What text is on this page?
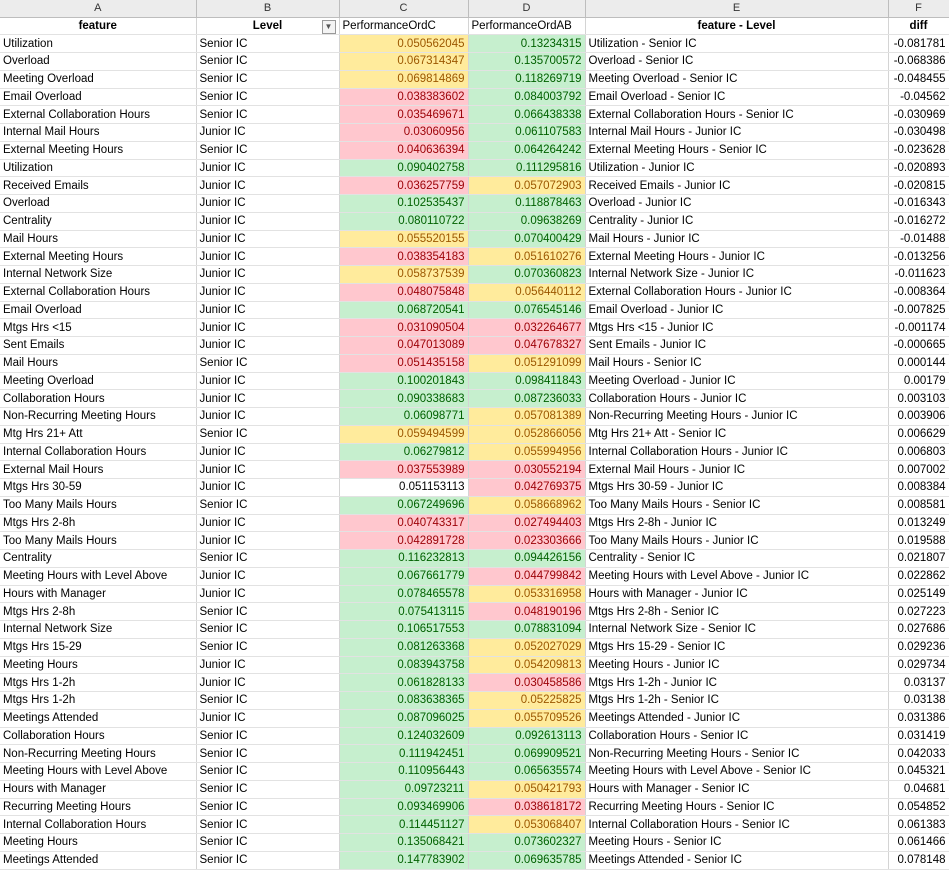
A	B	C	D	E	F
feature	Level ▼	PerformanceOrdC	PerformanceOrdAB	feature - Level	diff
Utilization	Senior IC	0.050562045	0.13234315	Utilization - Senior IC	-0.081781
Overload	Senior IC	0.067314347	0.135700572	Overload - Senior IC	-0.068386
Meeting Overload	Senior IC	0.069814869	0.118269719	Meeting Overload - Senior IC	-0.048455
Email Overload	Senior IC	0.038383602	0.084003792	Email Overload - Senior IC	-0.04562
External Collaboration Hours	Senior IC	0.035469671	0.066438338	External Collaboration Hours - Senior IC	-0.030969
Internal Mail Hours	Junior IC	0.03060956	0.061107583	Internal Mail Hours - Junior IC	-0.030498
External Meeting Hours	Senior IC	0.040636394	0.064264242	External Meeting Hours - Senior IC	-0.023628
Utilization	Junior IC	0.090402758	0.111295816	Utilization - Junior IC	-0.020893
Received Emails	Junior IC	0.036257759	0.057072903	Received Emails - Junior IC	-0.020815
Overload	Junior IC	0.102535437	0.118878463	Overload - Junior IC	-0.016343
Centrality	Junior IC	0.080110722	0.09638269	Centrality - Junior IC	-0.016272
Mail Hours	Junior IC	0.055520155	0.070400429	Mail Hours - Junior IC	-0.01488
External Meeting Hours	Junior IC	0.038354183	0.051610276	External Meeting Hours - Junior IC	-0.013256
Internal Network Size	Junior IC	0.058737539	0.070360823	Internal Network Size - Junior IC	-0.011623
External Collaboration Hours	Junior IC	0.048075848	0.056440112	External Collaboration Hours - Junior IC	-0.008364
Email Overload	Junior IC	0.068720541	0.076545146	Email Overload - Junior IC	-0.007825
Mtgs Hrs <15	Junior IC	0.031090504	0.032264677	Mtgs Hrs <15 - Junior IC	-0.001174
Sent Emails	Junior IC	0.047013089	0.047678327	Sent Emails - Junior IC	-0.000665
Mail Hours	Senior IC	0.051435158	0.051291099	Mail Hours - Senior IC	0.000144
Meeting Overload	Junior IC	0.100201843	0.098411843	Meeting Overload - Junior IC	0.00179
Collaboration Hours	Junior IC	0.090338683	0.087236033	Collaboration Hours - Junior IC	0.003103
Non-Recurring Meeting Hours	Junior IC	0.06098771	0.057081389	Non-Recurring Meeting Hours - Junior IC	0.003906
Mtg Hrs 21+ Att	Senior IC	0.059494599	0.052866056	Mtg Hrs 21+ Att - Senior IC	0.006629
Internal Collaboration Hours	Junior IC	0.06279812	0.055994956	Internal Collaboration Hours - Junior IC	0.006803
External Mail Hours	Junior IC	0.037553989	0.030552194	External Mail Hours - Junior IC	0.007002
Mtgs Hrs 30-59	Junior IC	0.051153113	0.042769375	Mtgs Hrs 30-59 - Junior IC	0.008384
Too Many Mails Hours	Senior IC	0.067249696	0.058668962	Too Many Mails Hours - Senior IC	0.008581
Mtgs Hrs 2-8h	Junior IC	0.040743317	0.027494403	Mtgs Hrs 2-8h - Junior IC	0.013249
Too Many Mails Hours	Junior IC	0.042891728	0.023303666	Too Many Mails Hours - Junior IC	0.019588
Centrality	Senior IC	0.116232813	0.094426156	Centrality - Senior IC	0.021807
Meeting Hours with Level Above	Junior IC	0.067661779	0.044799842	Meeting Hours with Level Above - Junior IC	0.022862
Hours with Manager	Junior IC	0.078465578	0.053316958	Hours with Manager - Junior IC	0.025149
Mtgs Hrs 2-8h	Senior IC	0.075413115	0.048190196	Mtgs Hrs 2-8h - Senior IC	0.027223
Internal Network Size	Senior IC	0.106517553	0.078831094	Internal Network Size - Senior IC	0.027686
Mtgs Hrs 15-29	Senior IC	0.081263368	0.052027029	Mtgs Hrs 15-29 - Senior IC	0.029236
Meeting Hours	Junior IC	0.083943758	0.054209813	Meeting Hours - Junior IC	0.029734
Mtgs Hrs 1-2h	Junior IC	0.061828133	0.030458586	Mtgs Hrs 1-2h - Junior IC	0.03137
Mtgs Hrs 1-2h	Senior IC	0.083638365	0.05225825	Mtgs Hrs 1-2h - Senior IC	0.03138
Meetings Attended	Junior IC	0.087096025	0.055709526	Meetings Attended - Junior IC	0.031386
Collaboration Hours	Senior IC	0.124032609	0.092613113	Collaboration Hours - Senior IC	0.031419
Non-Recurring Meeting Hours	Senior IC	0.111942451	0.069909521	Non-Recurring Meeting Hours - Senior IC	0.042033
Meeting Hours with Level Above	Senior IC	0.110956443	0.065635574	Meeting Hours with Level Above - Senior IC	0.045321
Hours with Manager	Senior IC	0.09723211	0.050421793	Hours with Manager - Senior IC	0.04681
Recurring Meeting Hours	Senior IC	0.093469906	0.038618172	Recurring Meeting Hours - Senior IC	0.054852
Internal Collaboration Hours	Senior IC	0.114451127	0.053068407	Internal Collaboration Hours - Senior IC	0.061383
Meeting Hours	Senior IC	0.135068421	0.073602327	Meeting Hours - Senior IC	0.061466
Meetings Attended	Senior IC	0.147783902	0.069635785	Meetings Attended - Senior IC	0.078148
